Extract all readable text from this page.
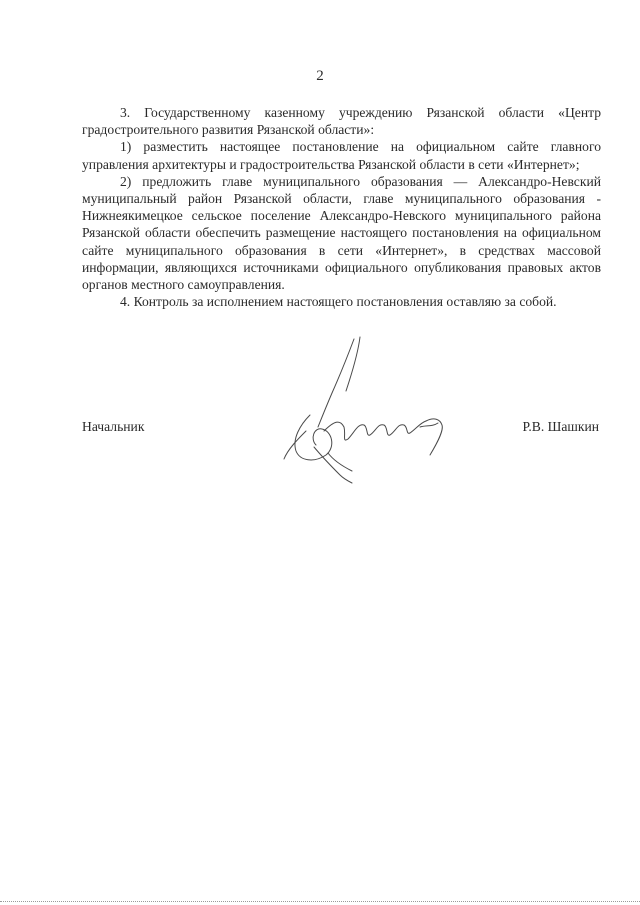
2

3. Государственному казенному учреждению Рязанской области «Центр градостроительного развития Рязанской области»:

1) разместить настоящее постановление на официальном сайте главного управления архитектуры и градостроительства Рязанской области в сети «Интернет»;

2) предложить главе муниципального образования — Александро-Невский муниципальный район Рязанской области, главе муниципального образования - Нижнеякимецкое сельское поселение Александро-Невского муниципального района Рязанской области обеспечить размещение настоящего постановления на официальном сайте муниципального образования в сети «Интернет», в средствах массовой информации, являющихся источниками официального опубликования правовых актов органов местного самоуправления.

4. Контроль за исполнением настоящего постановления оставляю за собой.

Начальник	Р.В. Шашкин
